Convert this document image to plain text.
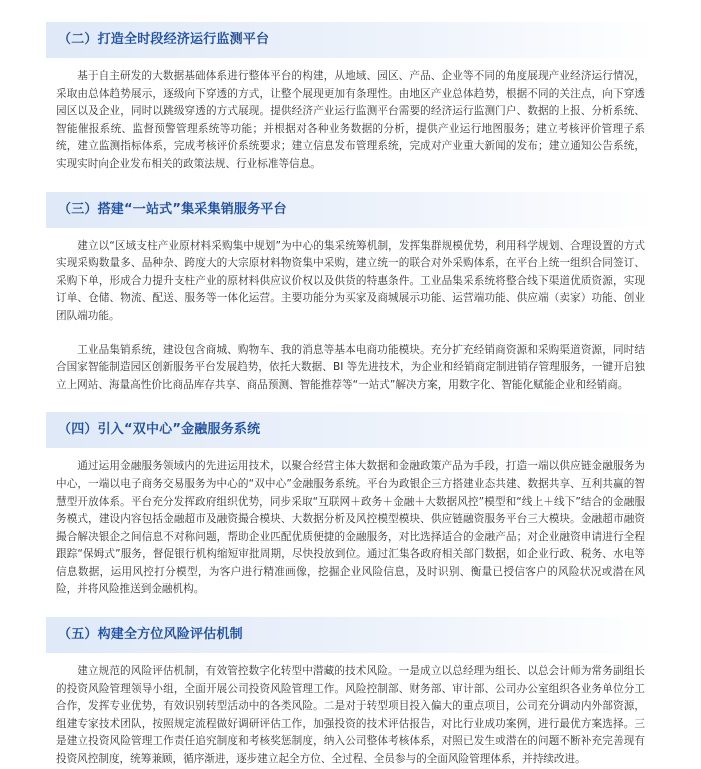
（二）打造全时段经济运行监测平台

基于自主研发的大数据基础体系进行整体平台的构建，从地域、园区、产品、企业等不同的角度展现产业经济运行情况，采取由总体趋势展示，逐级向下穿透的方式，让整个展现更加有条理性。由地区产业总体趋势，根据不同的关注点，向下穿透园区以及企业，同时以跳级穿透的方式展现。提供经济产业运行监测平台需要的经济运行监测门户、数据的上报、分析系统、智能催报系统、监督预警管理系统等功能；并根据对各种业务数据的分析，提供产业运行地图服务；建立考核评价管理子系统，建立监测指标体系，完成考核评价系统要求；建立信息发布管理系统，完成对产业重大新闻的发布；建立通知公告系统，实现实时向企业发布相关的政策法规、行业标准等信息。

（三）搭建“一站式”集采集销服务平台

建立以“区域支柱产业原材料采购集中规划”为中心的集采统筹机制，发挥集群规模优势，利用科学规划、合理设置的方式实现采购数量多、品种杂、跨度大的大宗原材料物资集中采购，建立统一的联合对外采购体系，在平台上统一组织合同签订、采购下单，形成合力提升支柱产业的原材料供应议价权以及供货的特惠条件。工业品集采系统将整合线下渠道优质资源，实现订单、仓储、物流、配送、服务等一体化运营。主要功能分为买家及商城展示功能、运营端功能、供应端（卖家）功能、创业团队端功能。

工业品集销系统，建设包含商城、购物车、我的消息等基本电商功能模块。充分扩充经销商资源和采购渠道资源，同时结合国家智能制造园区创新服务平台发展趋势，依托大数据、BI 等先进技术，为企业和经销商定制进销存管理服务，一键开启独立上网站、海量高性价比商品库存共享、商品预测、智能推荐等“一站式”解决方案，用数字化、智能化赋能企业和经销商。

（四）引入“双中心”金融服务系统

通过运用金融服务领域内的先进运用技术，以聚合经营主体大数据和金融政策产品为手段，打造一端以供应链金融服务为中心，一端以电子商务交易服务为中心的“双中心”金融服务系统。平台为政银企三方搭建业态共建、数据共享、互利共赢的智慧型开放体系。平台充分发挥政府组织优势，同步采取“互联网＋政务＋金融＋大数据风控”模型和“线上＋线下”结合的金融服务模式，建设内容包括金融超市及融资撮合模块、大数据分析及风控模型模块、供应链融资服务平台三大模块。金融超市融资撮合解决银企之间信息不对称问题，帮助企业匹配优质便捷的金融服务，对比选择适合的金融产品；对企业融资申请进行全程跟踪“保姆式”服务，督促银行机构缩短审批周期，尽快投放到位。通过汇集各政府相关部门数据，如企业行政、税务、水电等信息数据，运用风控打分模型，为客户进行精准画像，挖掘企业风险信息，及时识别、衡量已授信客户的风险状况或潜在风险，并将风险推送到金融机构。

（五）构建全方位风险评估机制

建立规范的风险评估机制，有效管控数字化转型中潜藏的技术风险。一是成立以总经理为组长、以总会计师为常务副组长的投资风险管理领导小组，全面开展公司投资风险管理工作。风险控制部、财务部、审计部、公司办公室组织各业务单位分工合作，发挥专业优势，有效识别转型活动中的各类风险。二是对于转型项目投入偏大的重点项目，公司充分调动内外部资源，组建专家技术团队，按照规定流程做好调研评估工作，加强投资的技术评估报告，对比行业成功案例，进行最优方案选择。三是建立投资风险管理工作责任追究制度和考核奖惩制度，纳入公司整体考核体系，对照已发生或潜在的问题不断补充完善现有投资风控制度，统筹兼顾，循序渐进，逐步建立起全方位、全过程、全员参与的全面风险管理体系，并持续改进。
